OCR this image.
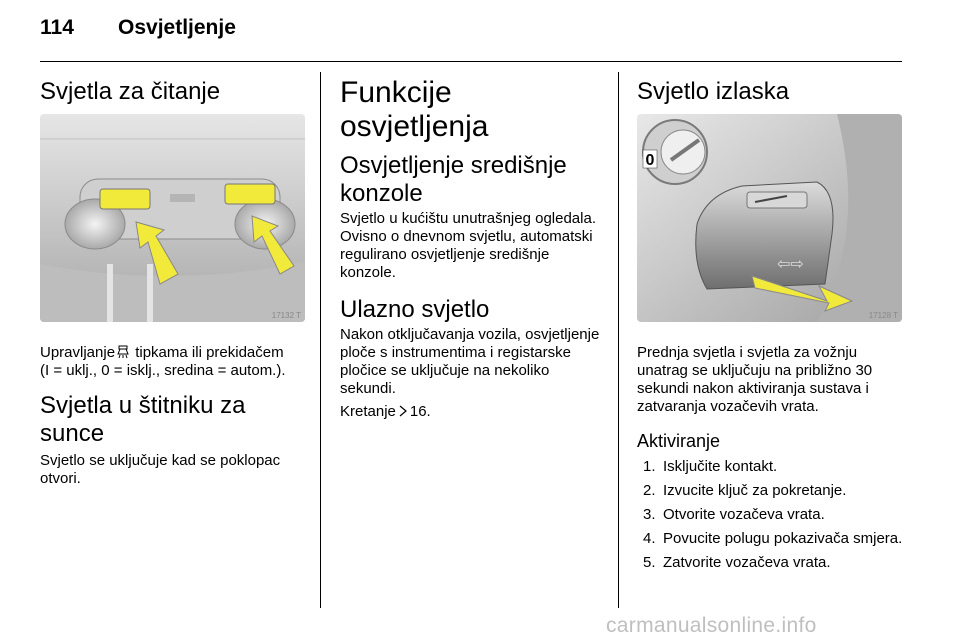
114 Osvjetljenje
Svjetla za čitanje
17132 T

Upravljanje tipkama ili prekidačem
(I = uklj., 0 = isklj., sredina = autom.).

Svjetla u štitniku za sunce

Svjetlo se uključuje kad se poklopac otvori.

Funkcije osvjetljenja
Osvjetljenje središnje konzole

Svjetlo u kućištu unutrašnjeg ogledala. Ovisno o dnevnom svjetlu, automatski regulirano osvjetljenje središnje konzole.

Ulazno svjetlo

Nakon otključavanja vozila, osvjetljenje ploče s instrumentima i registarske pločice se uključuje na nekoliko sekundi.

Kretanje 16.

Svjetlo izlaska
0
⇦⇨
17128 T

Prednja svjetla i svjetla za vožnju unatrag se uključuju na približno 30 sekundi nakon aktiviranja sustava i zatvaranja vozačevih vrata.

Aktiviranje
1. Isključite kontakt.
2. Izvucite ključ za pokretanje.
3. Otvorite vozačeva vrata.
4. Povucite polugu pokazivača smjera.
5. Zatvorite vozačeva vrata.
carmanualsonline.info
